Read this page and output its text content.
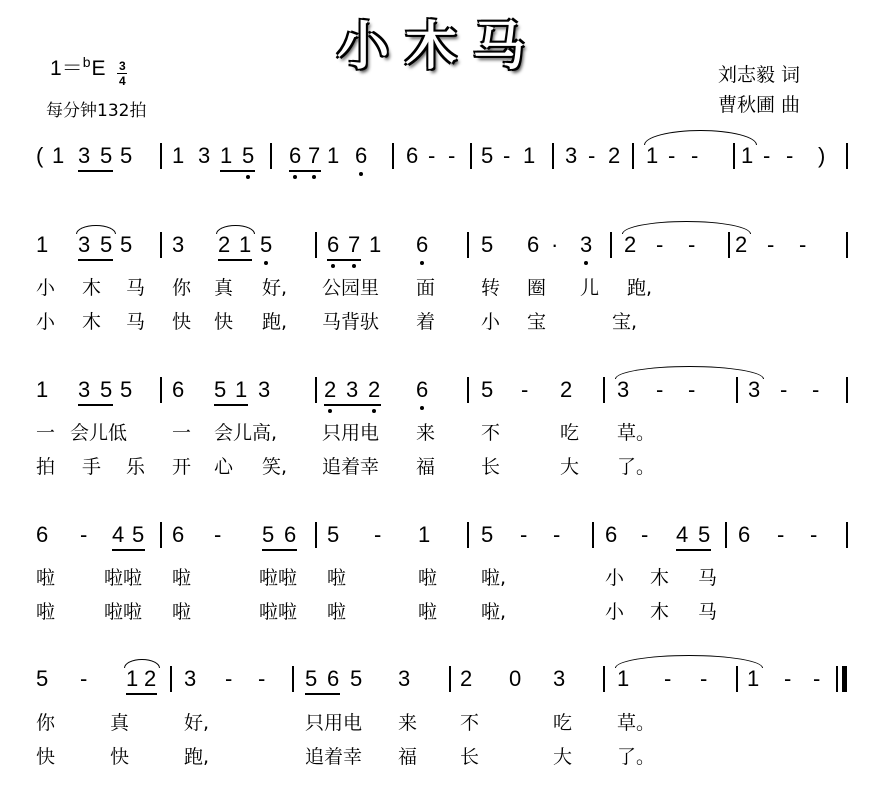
小木马
$1=^bE \frac{3}{4}$
每分钟132拍
刘志毅 词
曹秋圃 曲
( 1 3 5 5 1 3 1 5 6 7 1 6 6 - - 5 - 1 3 - 2 1 - - 1 - - )
1 3 5 5 3 2 1 5 6 7 1 6 5 6 · 3 2 - - 2 - -
1 3 5 5 6 5 1 3 2 3 2 6 5 - 2 3 - - 3 - -
6 - 4 5 6 - 5 6 5 - 1 5 - - 6 - 4 5 6 - -
5 - 1 2 3 - - 5 6 5 3 2 0 3 1 - - 1 - -
小 木 马 你 真 好, 公园里 面 转 圈 儿 跑,
小 木 马 快 快 跑, 马背驮 着 小 宝	宝,
一 会儿低 一 会儿高, 只用电 来 不	吃 草。
拍 手 乐 开 心 笑, 追着幸 福 长	大 了。
啦	啦啦 啦	啦啦 啦	啦 啦,	小 木 马
啦	啦啦 啦	啦啦 啦	啦 啦,	小 木 马
你	真	好,	只用电 来 不	吃 草。
快	快	跑,	追着幸 福 长	大 了。
